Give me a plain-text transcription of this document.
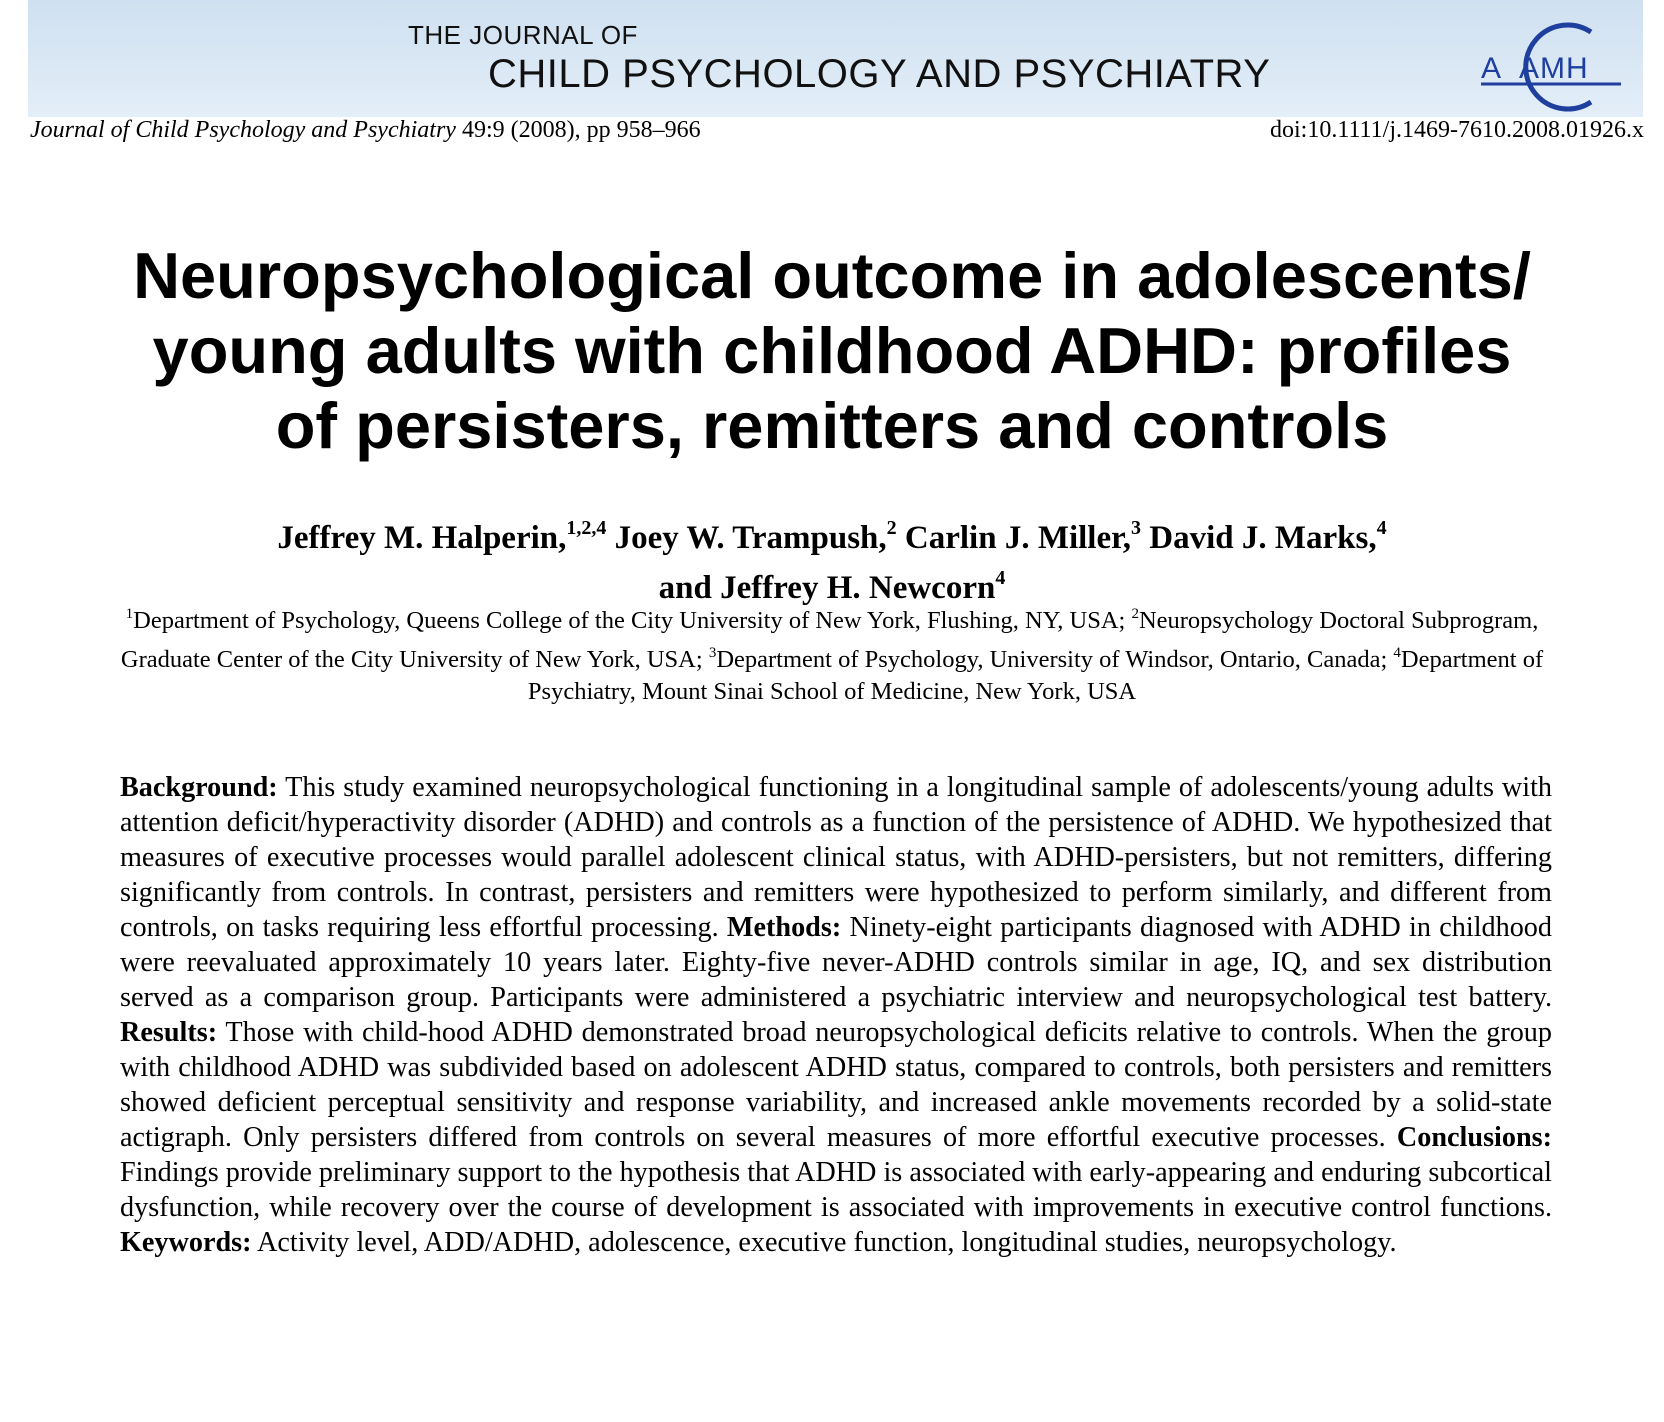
THE JOURNAL OF
CHILD PSYCHOLOGY AND PSYCHIATRY	A AMH
Journal of Child Psychology and Psychiatry 49:9 (2008), pp 958–966	doi:10.1111/j.1469-7610.2008.01926.x
Neuropsychological outcome in adolescents/
young adults with childhood ADHD: profiles
of persisters, remitters and controls
Jeffrey M. Halperin,$^{1,2,4}$ Joey W. Trampush,$^2$ Carlin J. Miller,$^3$ David J. Marks,$^4$
and Jeffrey H. Newcorn$^4$
$^1$Department of Psychology, Queens College of the City University of New York, Flushing, NY, USA; $^2$Neuropsychology Doctoral Subprogram, Graduate Center of the City University of New York, USA; $^3$Department of Psychology, University of Windsor, Ontario, Canada; $^4$Department of Psychiatry, Mount Sinai School of Medicine, New York, USA
Background: This study examined neuropsychological functioning in a longitudinal sample of adolescents/young adults with attention deficit/hyperactivity disorder (ADHD) and controls as a function of the persistence of ADHD. We hypothesized that measures of executive processes would parallel adolescent clinical status, with ADHD-persisters, but not remitters, differing significantly from controls. In contrast, persisters and remitters were hypothesized to perform similarly, and different from controls, on tasks requiring less effortful processing. Methods: Ninety-eight participants diagnosed with ADHD in childhood were reevaluated approximately 10 years later. Eighty-five never-ADHD controls similar in age, IQ, and sex distribution served as a comparison group. Participants were administered a psychiatric interview and neuropsychological test battery. Results: Those with child-hood ADHD demonstrated broad neuropsychological deficits relative to controls. When the group with childhood ADHD was subdivided based on adolescent ADHD status, compared to controls, both persisters and remitters showed deficient perceptual sensitivity and response variability, and increased ankle movements recorded by a solid-state actigraph. Only persisters differed from controls on several measures of more effortful executive processes. Conclusions: Findings provide preliminary support to the hypothesis that ADHD is associated with early-appearing and enduring subcortical dysfunction, while recovery over the course of development is associated with improvements in executive control functions. Keywords: Activity level, ADD/ADHD, adolescence, executive function, longitudinal studies, neuropsychology.
